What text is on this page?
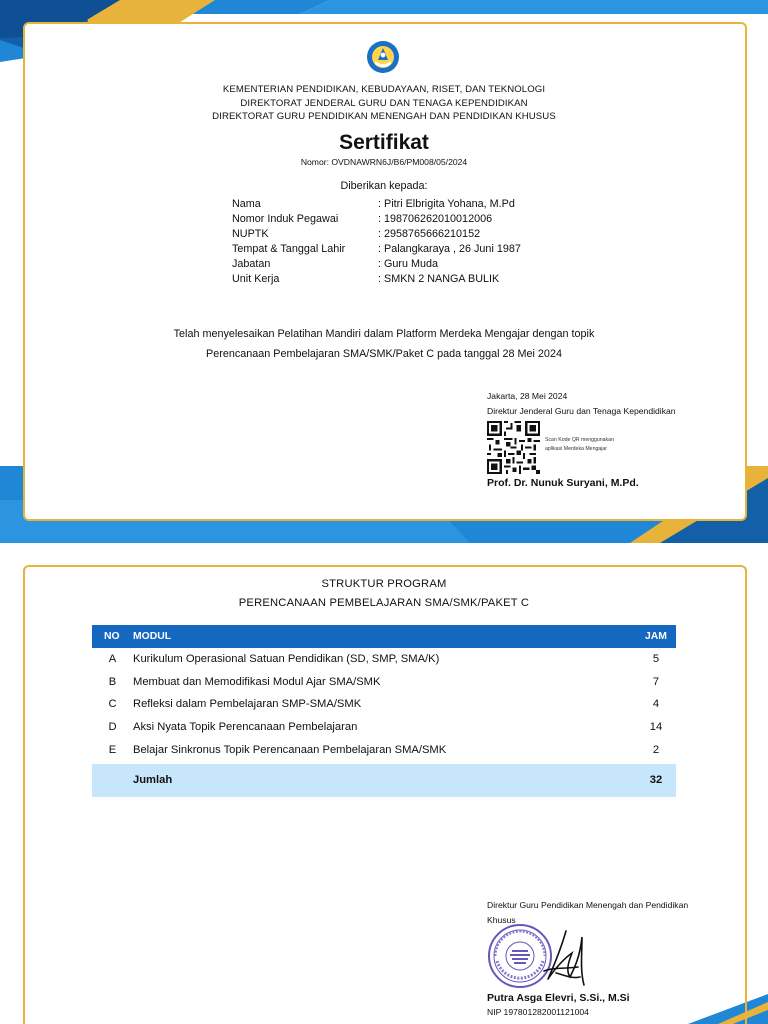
KEMENTERIAN PENDIDIKAN, KEBUDAYAAN, RISET, DAN TEKNOLOGI
DIREKTORAT JENDERAL GURU DAN TENAGA KEPENDIDIKAN
DIREKTORAT GURU PENDIDIKAN MENENGAH DAN PENDIDIKAN KHUSUS
Sertifikat
Nomor: OVDNAWRN6J/B6/PM008/05/2024
Diberikan kepada:
Nama	: Pitri Elbrigita Yohana, M.Pd
Nomor Induk Pegawai	: 198706262010012006
NUPTK	: 2958765666210152
Tempat & Tanggal Lahir	: Palangkaraya , 26 Juni 1987
Jabatan	: Guru Muda
Unit Kerja	: SMKN 2 NANGA BULIK
Telah menyelesaikan Pelatihan Mandiri dalam Platform Merdeka Mengajar dengan topik
Perencanaan Pembelajaran SMA/SMK/Paket C pada tanggal 28 Mei 2024
Jakarta, 28 Mei 2024
Direktur Jenderal Guru dan Tenaga Kependidikan
Scan Kode QR menggunakan
aplikasi Merdeka Mengajar
Prof. Dr. Nunuk Suryani, M.Pd.
STRUKTUR PROGRAM
PERENCANAAN PEMBELAJARAN SMA/SMK/PAKET C
NO	MODUL	JAM
A	Kurikulum Operasional Satuan Pendidikan (SD, SMP, SMA/K)	5
B	Membuat dan Memodifikasi Modul Ajar SMA/SMK	7
C	Refleksi dalam Pembelajaran SMP-SMA/SMK	4
D	Aksi Nyata Topik Perencanaan Pembelajaran	14
E	Belajar Sinkronus Topik Perencanaan Pembelajaran SMA/SMK	2
Jumlah	32
Direktur Guru Pendidikan Menengah dan Pendidikan
Khusus
Putra Asga Elevri, S.Si., M.Si
NIP 197801282001121004
